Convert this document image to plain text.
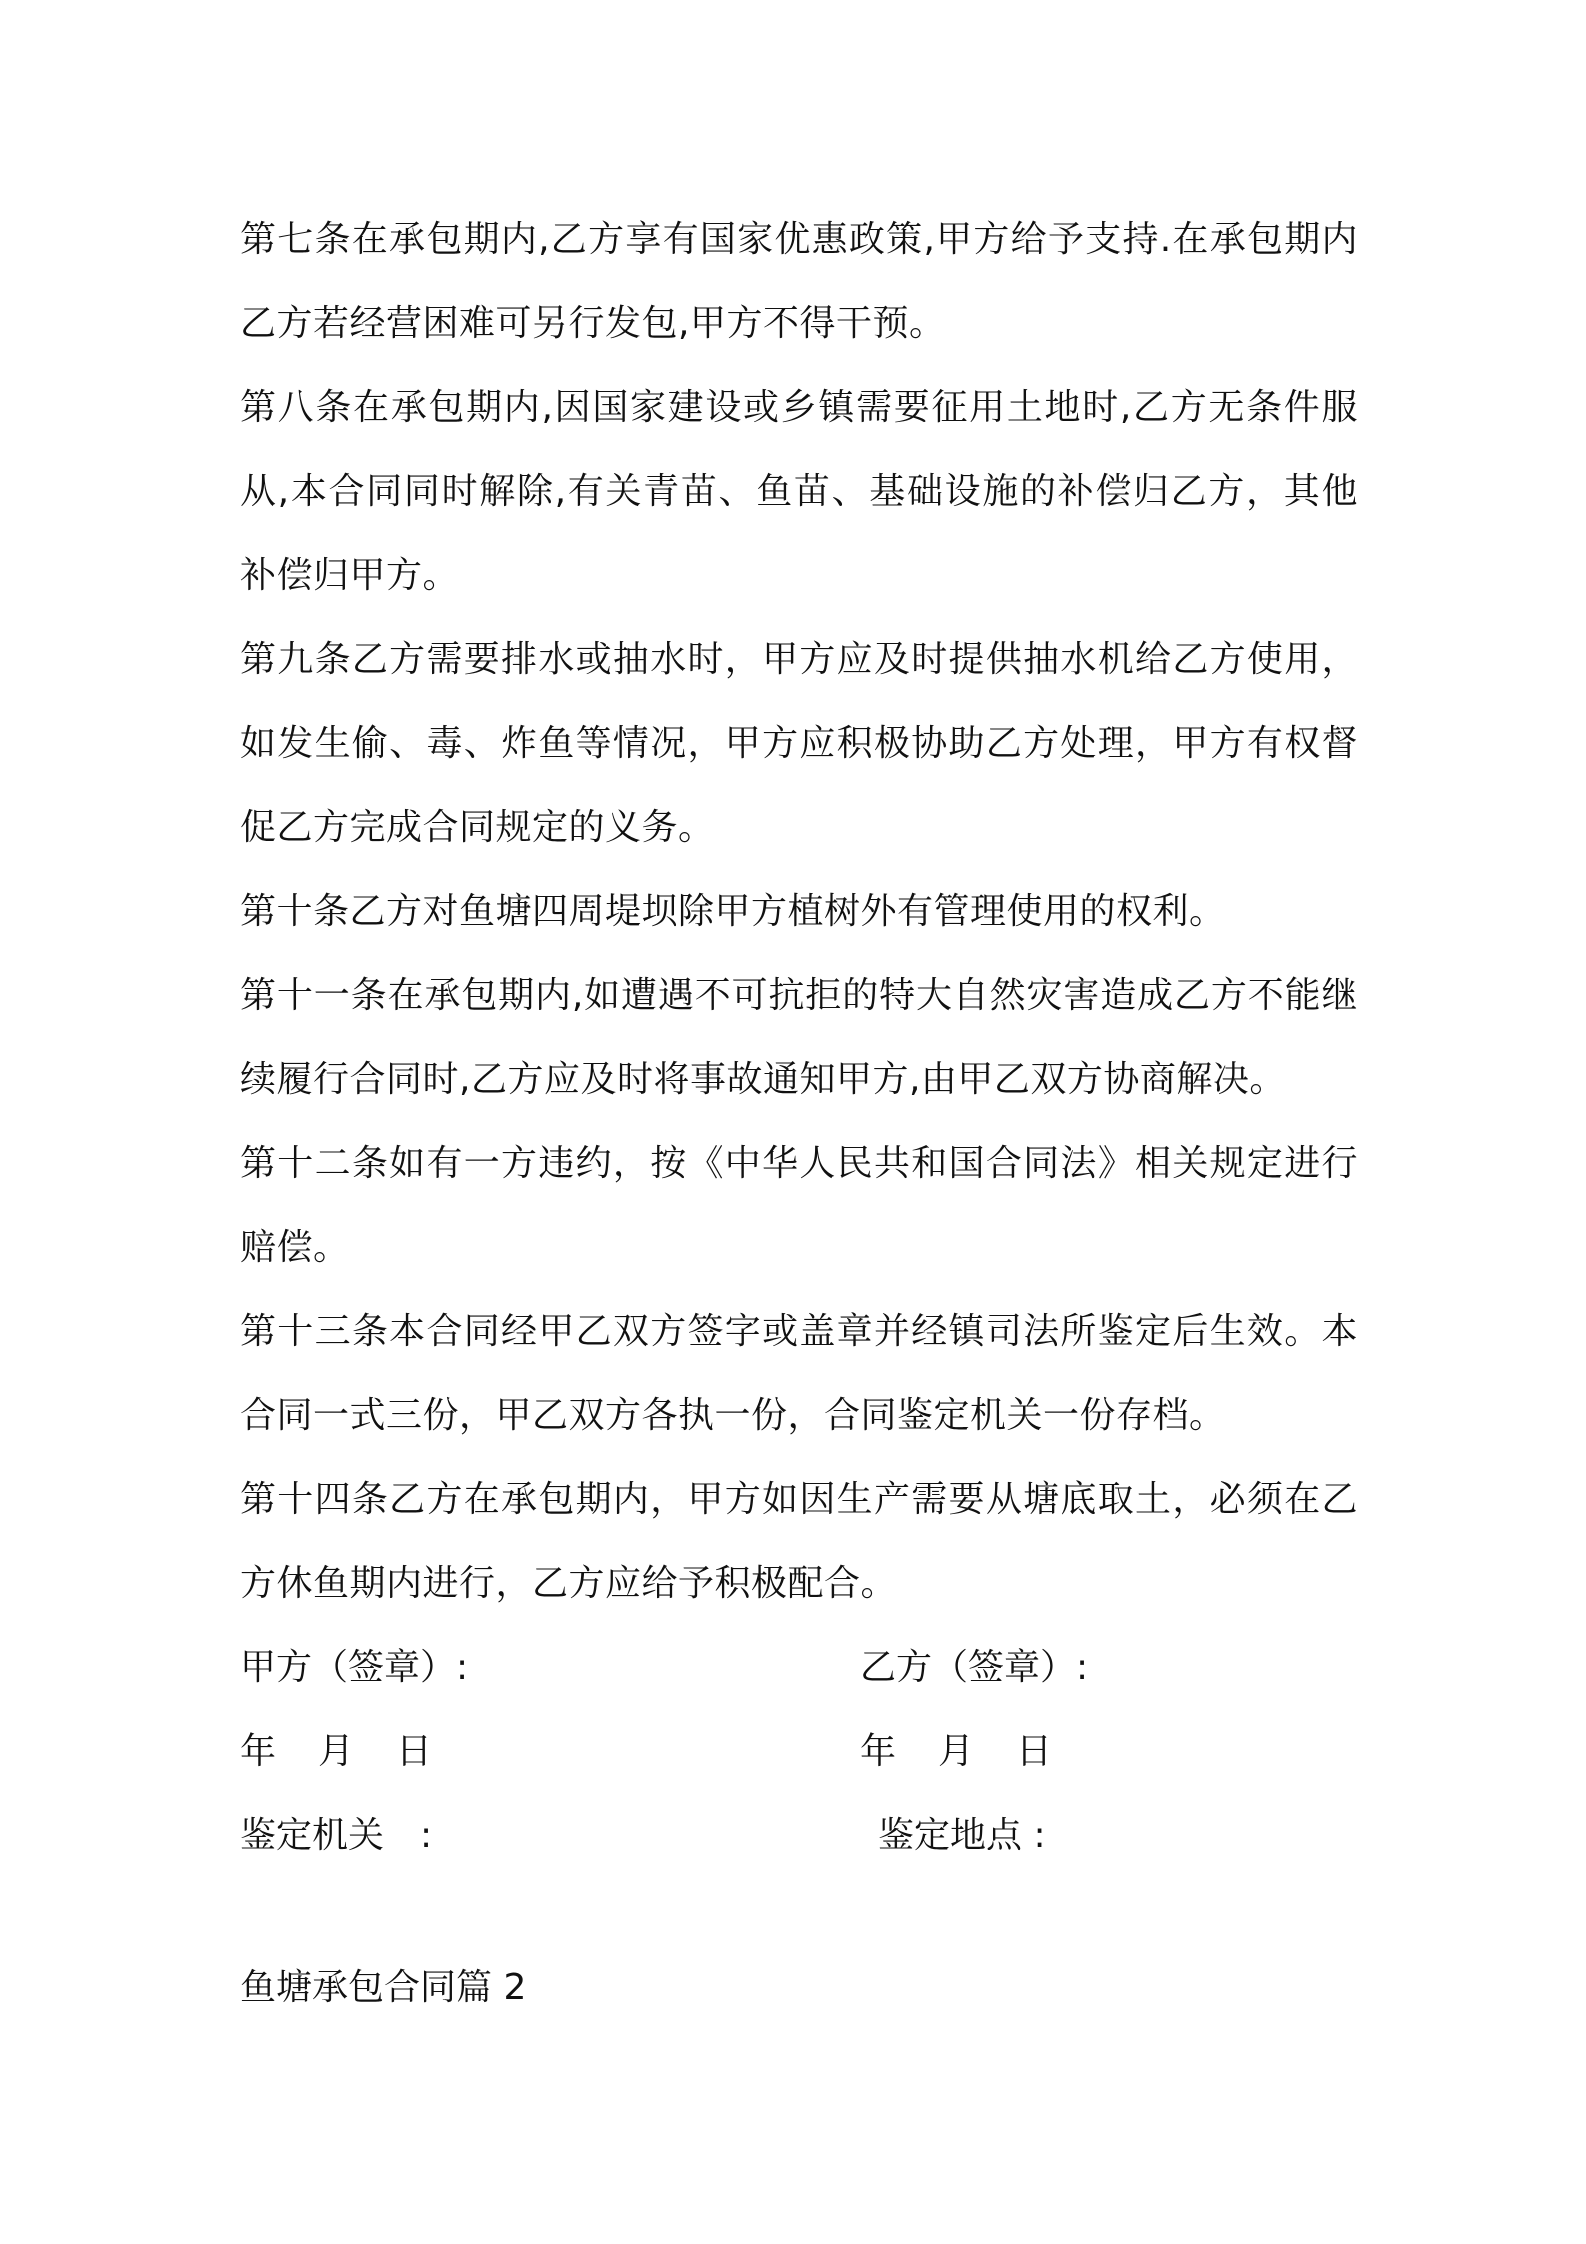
第七条在承包期内,乙方享有国家优惠政策,甲方给予支持.在承包期内乙方若经营困难可另行发包,甲方不得干预。

第八条在承包期内,因国家建设或乡镇需要征用土地时,乙方无条件服从,本合同同时解除,有关青苗、鱼苗、基础设施的补偿归乙方，其他补偿归甲方。

第九条乙方需要排水或抽水时，甲方应及时提供抽水机给乙方使用，如发生偷、毒、炸鱼等情况，甲方应积极协助乙方处理，甲方有权督促乙方完成合同规定的义务。

第十条乙方对鱼塘四周堤坝除甲方植树外有管理使用的权利。

第十一条在承包期内,如遭遇不可抗拒的特大自然灾害造成乙方不能继续履行合同时,乙方应及时将事故通知甲方,由甲乙双方协商解决。

第十二条如有一方违约，按《中华人民共和国合同法》相关规定进行赔偿。

第十三条本合同经甲乙双方签字或盖章并经镇司法所鉴定后生效。本合同一式三份，甲乙双方各执一份，合同鉴定机关一份存档。

第十四条乙方在承包期内，甲方如因生产需要从塘底取土，必须在乙方休鱼期内进行，乙方应给予积极配合。

甲方（签章）:	乙方（签章）:
年 月 日	年 月 日
鉴定机关　:	鉴定地点 :

鱼塘承包合同篇 2
